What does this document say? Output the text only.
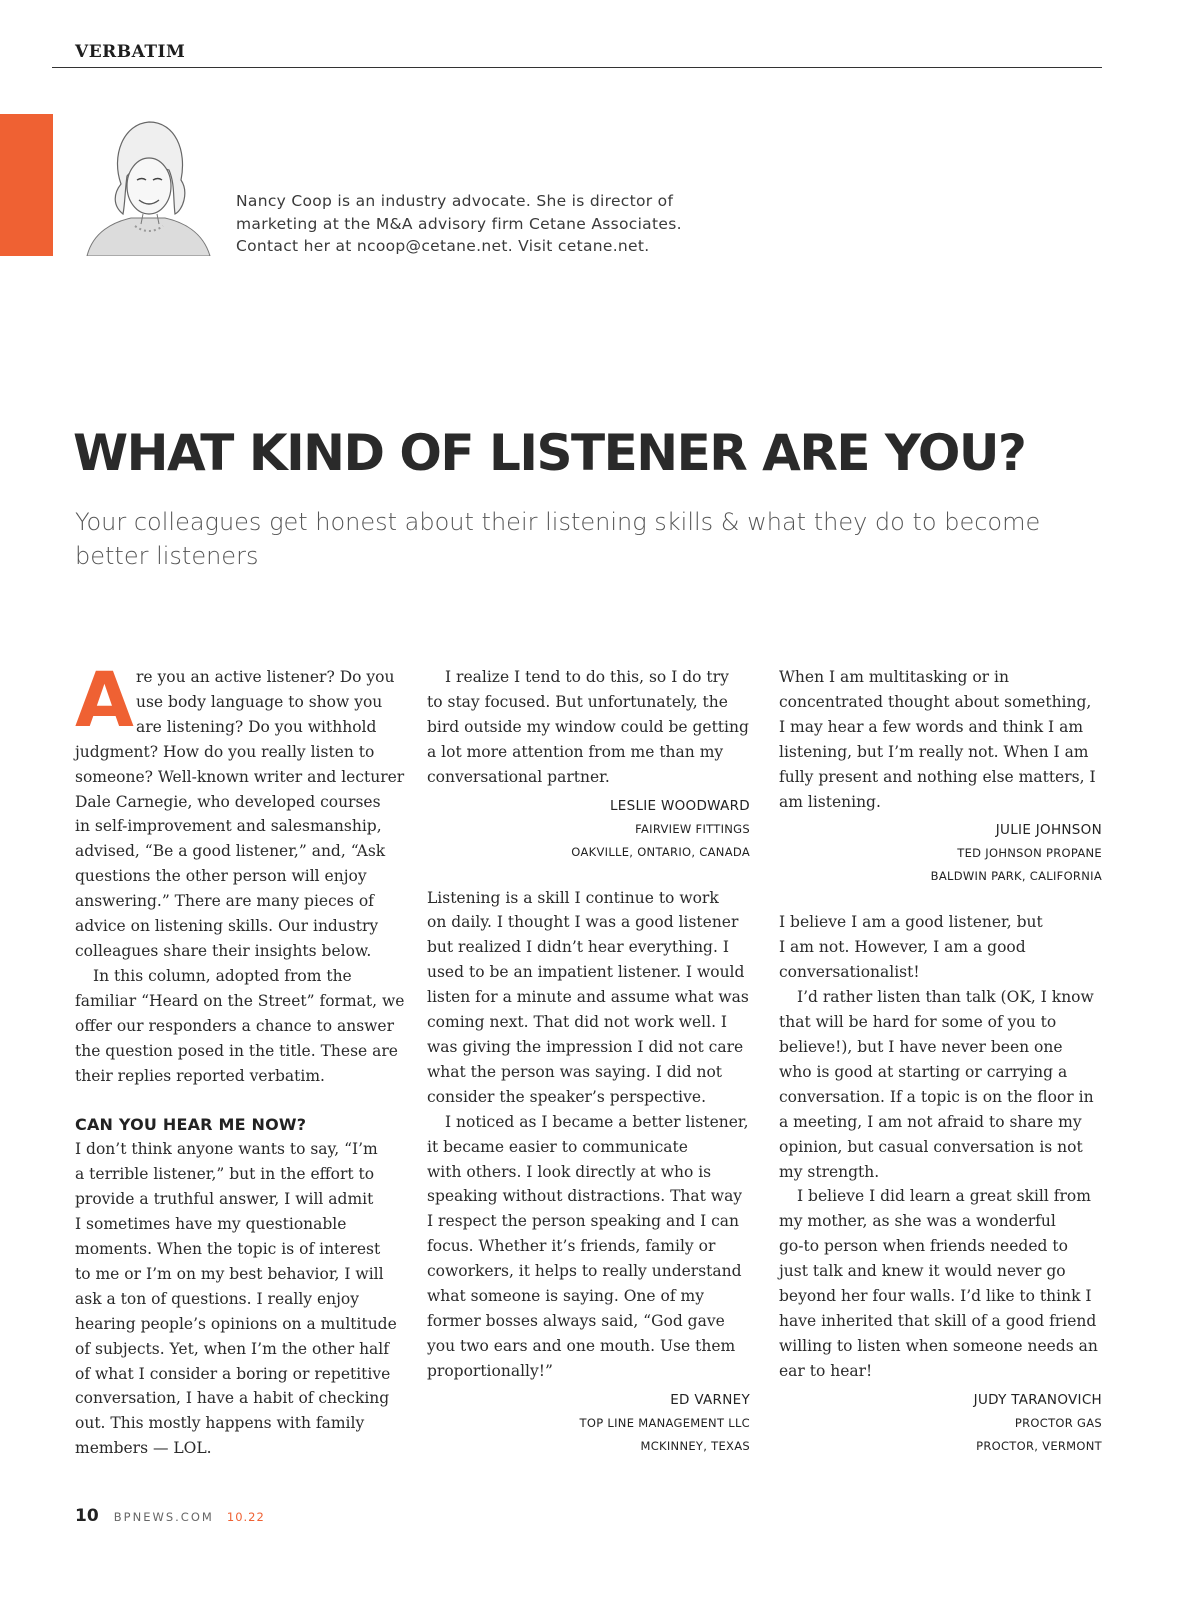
VERBATIM
Nancy Coop is an industry advocate. She is director of
marketing at the M&A advisory firm Cetane Associates.
Contact her at ncoop@cetane.net. Visit cetane.net.
WHAT KIND OF LISTENER ARE YOU?
Your colleagues get honest about their listening skills & what they do to become
better listeners
A re you an active listener? Do you
use body language to show you
are listening? Do you withhold
judgment? How do you really listen to
someone? Well-known writer and lecturer
Dale Carnegie, who developed courses
in self-improvement and salesmanship,
advised, “Be a good listener,” and, “Ask
questions the other person will enjoy
answering.” There are many pieces of
advice on listening skills. Our industry
colleagues share their insights below.
In this column, adopted from the
familiar “Heard on the Street” format, we
offer our responders a chance to answer
the question posed in the title. These are
their replies reported verbatim.
CAN YOU HEAR ME NOW?
I don’t think anyone wants to say, “I’m
a terrible listener,” but in the effort to
provide a truthful answer, I will admit
I sometimes have my questionable
moments. When the topic is of interest
to me or I’m on my best behavior, I will
ask a ton of questions. I really enjoy
hearing people’s opinions on a multitude
of subjects. Yet, when I’m the other half
of what I consider a boring or repetitive
conversation, I have a habit of checking
out. This mostly happens with family
members — LOL.
I realize I tend to do this, so I do try
to stay focused. But unfortunately, the
bird outside my window could be getting
a lot more attention from me than my
conversational partner.
LESLIE WOODWARD
FAIRVIEW FITTINGS
OAKVILLE, ONTARIO, CANADA
Listening is a skill I continue to work
on daily. I thought I was a good listener
but realized I didn’t hear everything. I
used to be an impatient listener. I would
listen for a minute and assume what was
coming next. That did not work well. I
was giving the impression I did not care
what the person was saying. I did not
consider the speaker’s perspective.
I noticed as I became a better listener,
it became easier to communicate
with others. I look directly at who is
speaking without distractions. That way
I respect the person speaking and I can
focus. Whether it’s friends, family or
coworkers, it helps to really understand
what someone is saying. One of my
former bosses always said, “God gave
you two ears and one mouth. Use them
proportionally!”
ED VARNEY
TOP LINE MANAGEMENT LLC
MCKINNEY, TEXAS
When I am multitasking or in
concentrated thought about something,
I may hear a few words and think I am
listening, but I’m really not. When I am
fully present and nothing else matters, I
am listening.
JULIE JOHNSON
TED JOHNSON PROPANE
BALDWIN PARK, CALIFORNIA
I believe I am a good listener, but
I am not. However, I am a good
conversationalist!
I’d rather listen than talk (OK, I know
that will be hard for some of you to
believe!), but I have never been one
who is good at starting or carrying a
conversation. If a topic is on the floor in
a meeting, I am not afraid to share my
opinion, but casual conversation is not
my strength.
I believe I did learn a great skill from
my mother, as she was a wonderful
go-to person when friends needed to
just talk and knew it would never go
beyond her four walls. I’d like to think I
have inherited that skill of a good friend
willing to listen when someone needs an
ear to hear!
JUDY TARANOVICH
PROCTOR GAS
PROCTOR, VERMONT
10 BPNEWS.COM 10.22
